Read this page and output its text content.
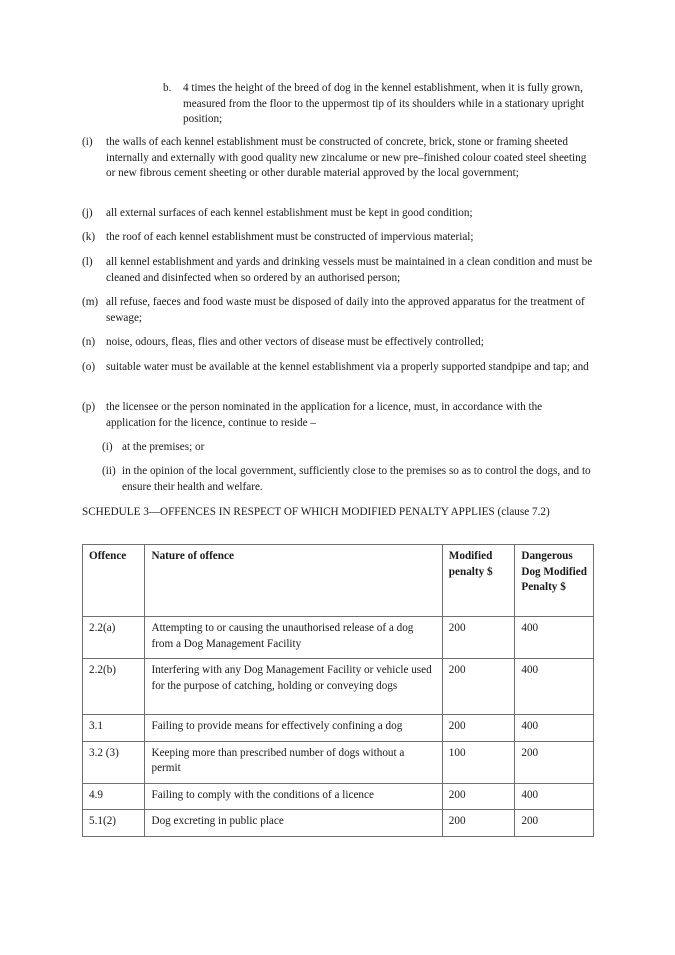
b.	4 times the height of the breed of dog in the kennel establishment, when it is fully grown, measured from the floor to the uppermost tip of its shoulders while in a stationary upright position;
(i)	the walls of each kennel establishment must be constructed of concrete, brick, stone or framing sheeted internally and externally with good quality new zincalume or new pre–finished colour coated steel sheeting or new fibrous cement sheeting or other durable material approved by the local government;
(j)	all external surfaces of each kennel establishment must be kept in good condition;
(k) the roof of each kennel establishment must be constructed of impervious material;
(l)	all kennel establishment and yards and drinking vessels must be maintained in a clean condition and must be cleaned and disinfected when so ordered by an authorised person;
(m) all refuse, faeces and food waste must be disposed of daily into the approved apparatus for the treatment of sewage;
(n) noise, odours, fleas, flies and other vectors of disease must be effectively controlled;
(o) suitable water must be available at the kennel establishment via a properly supported standpipe and tap; and
(p) the licensee or the person nominated in the application for a licence, must, in accordance with the application for the licence, continue to reside –
(i) at the premises; or
(ii) in the opinion of the local government, sufficiently close to the premises so as to control the dogs, and to ensure their health and welfare.
SCHEDULE 3—OFFENCES IN RESPECT OF WHICH MODIFIED PENALTY APPLIES (clause 7.2)
Offence	Nature of offence	Modified penalty $	Dangerous Dog Modified Penalty $
2.2(a)	Attempting to or causing the unauthorised release of a dog from a Dog Management Facility	200	400
2.2(b)	Interfering with any Dog Management Facility or vehicle used for the purpose of catching, holding or conveying dogs	200	400
3.1	Failing to provide means for effectively confining a dog	200	400
3.2 (3)	Keeping more than prescribed number of dogs without a permit	100	200
4.9	Failing to comply with the conditions of a licence	200	400
5.1(2)	Dog excreting in public place	200	200
